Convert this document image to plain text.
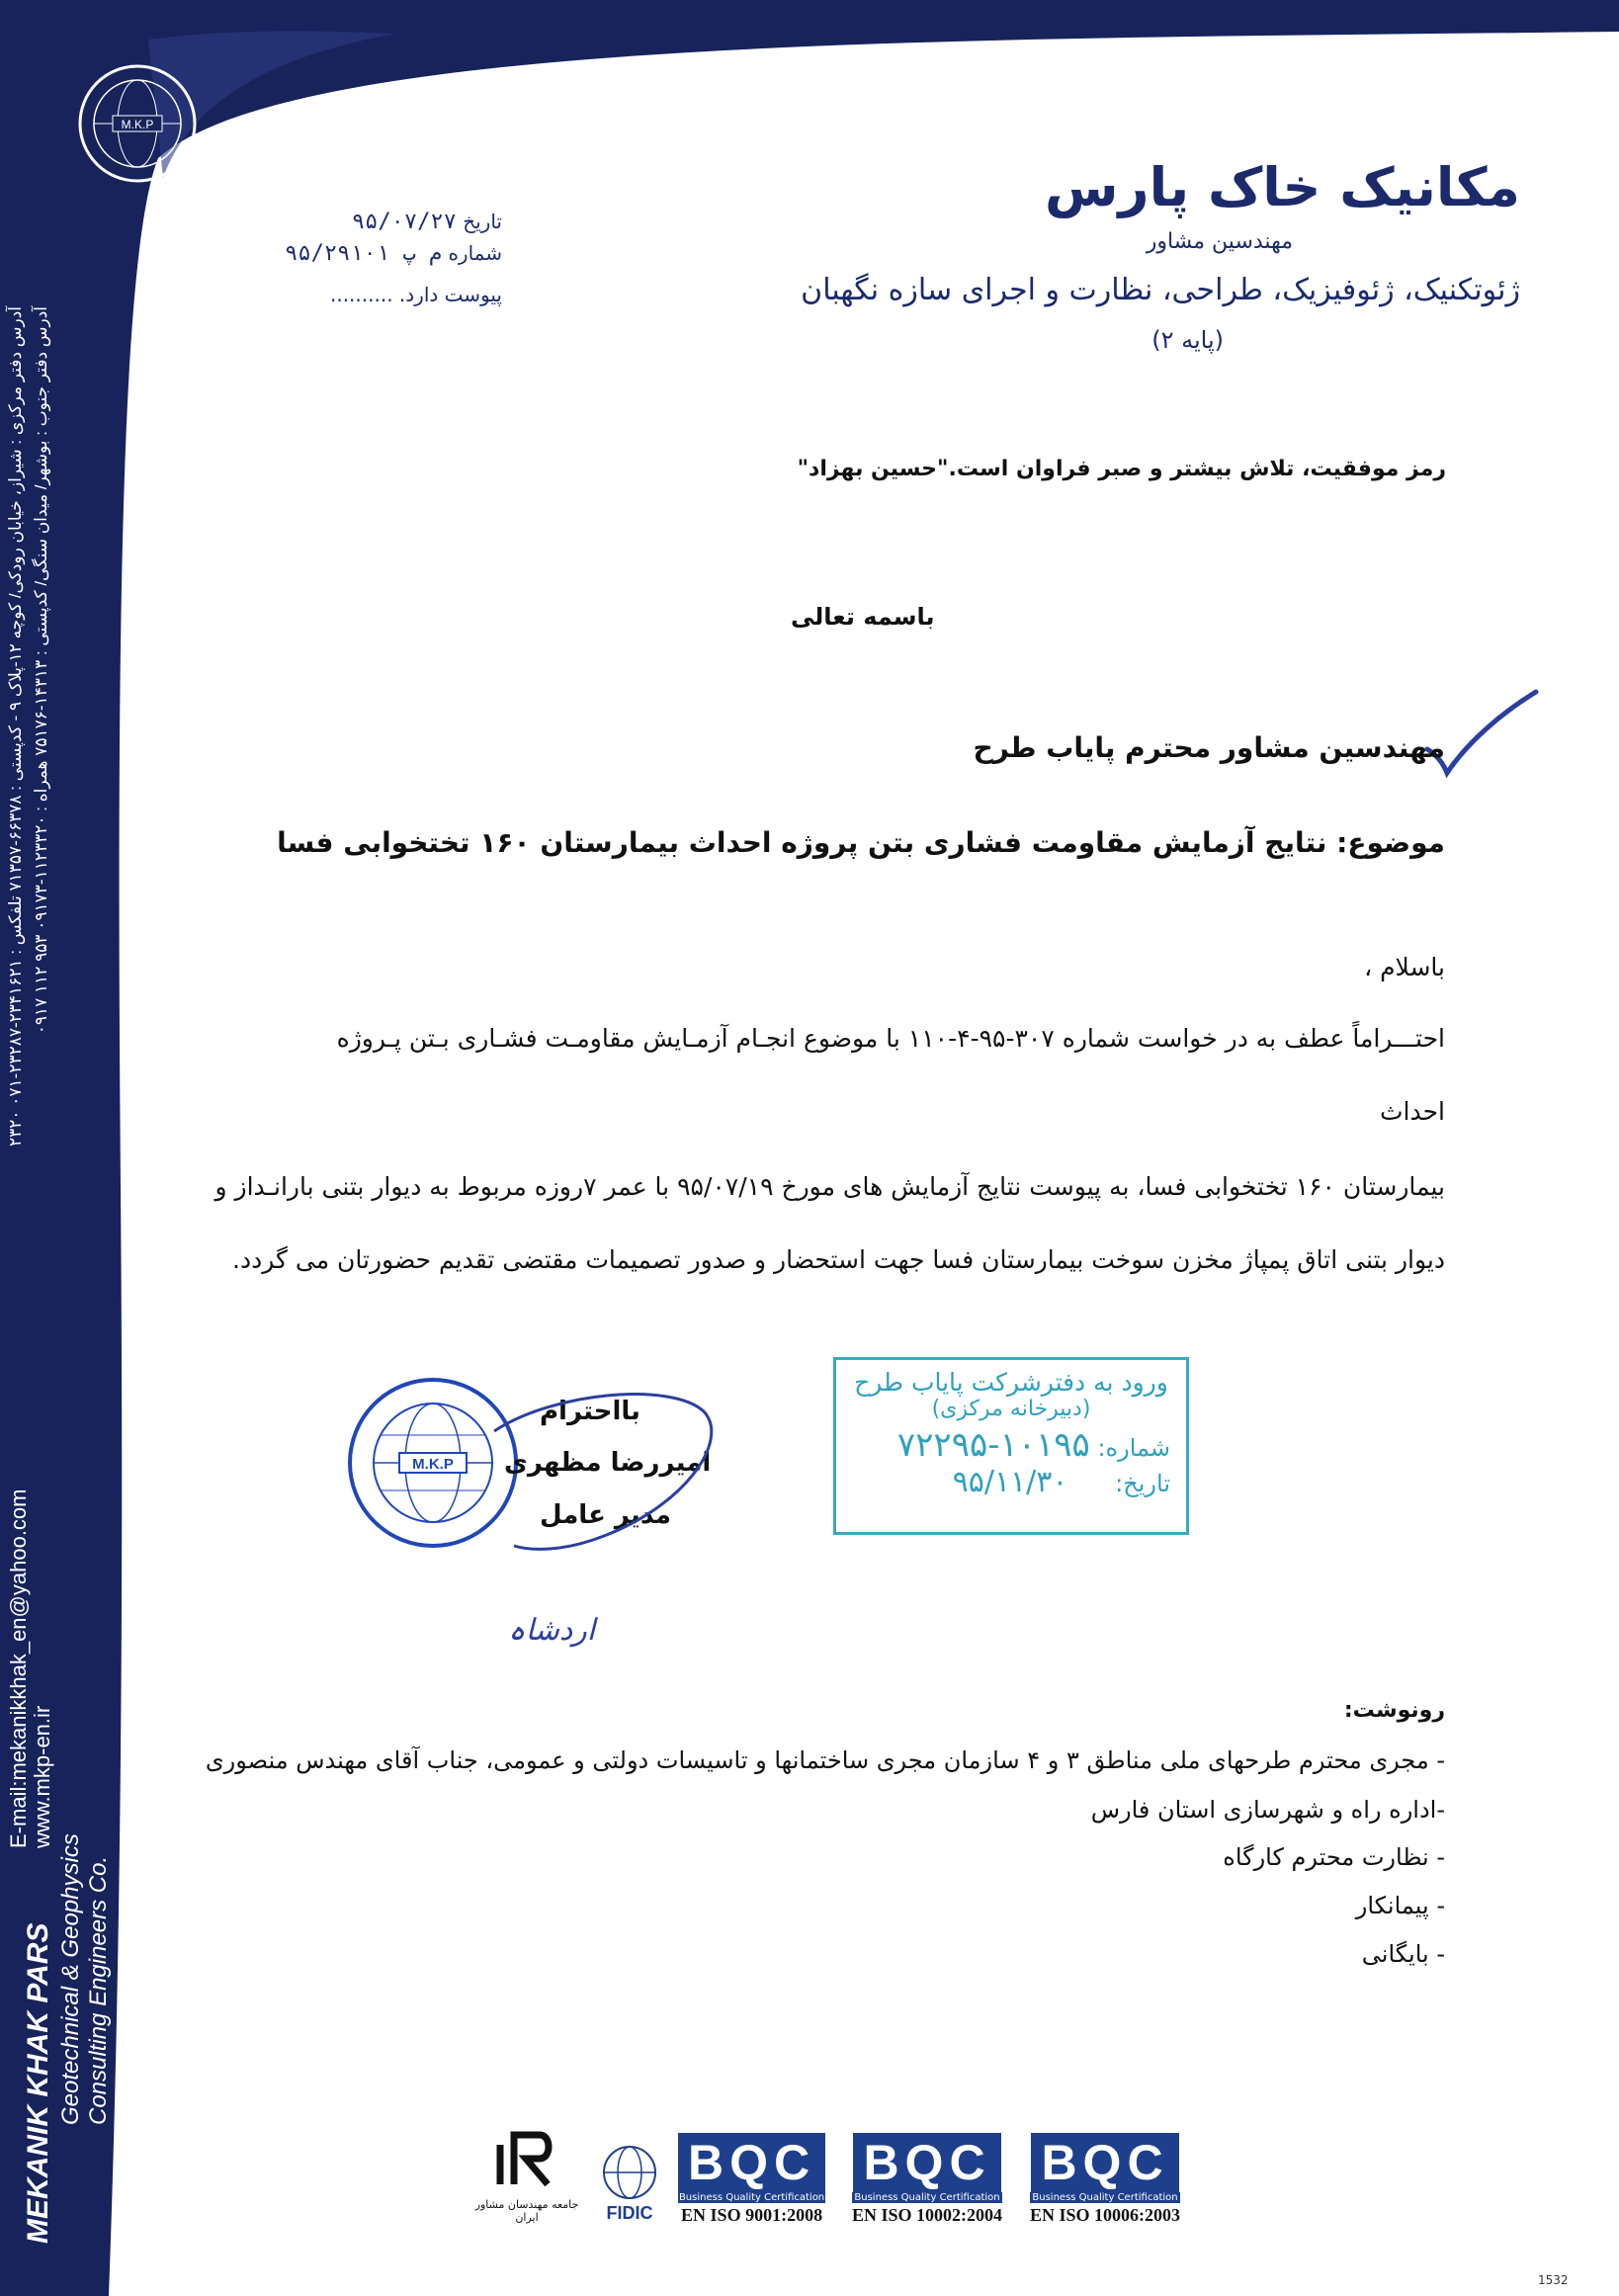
M.K.P
MEKANIK KHAK PARS Geotechnical & Geophysics Consulting Engineers Co.
E-mail:mekanikkhak_en@yahoo.com www.mkp-en.ir
آدرس دفتر مرکزی : شیراز، خیابان رودکی/ کوچه ۱۲-پلاک ۹ - کدپستی : ۶۶۳۷۸-۷۱۳۵۷ تلفکس : ۲۳۴۱۶۲۱-۲۳۲۸۷-۰۷۱ ۲۳۲۰
آدرس دفتر جنوب : بوشهر/ میدان سنگی/ کدپستی : ۱۴۳۱۳-۷۵۱۷۶ همراه : ۱۱۲۳۳۲۰-۰۹۱۷۳ ۹۵۳ ۱۱۲ ۰۹۱۷
مکانیک خاک پارس
مهندسین مشاور
ژئوتکنیک، ژئوفیزیک، طراحی، نظارت و اجرای سازه نگهبان
(پایه ۲)
تاریخ ۹۵/۰۷/۲۷
شماره م پ ۹۵/۲۹۱۰۱
پیوست دارد. ..........
رمز موفقیت، تلاش بیشتر و صبر فراوان است."حسین بهزاد"
باسمه تعالی
مهندسین مشاور محترم پایاب طرح
موضوع: نتایج آزمایش مقاومت فشاری بتن پروژه احداث بیمارستان ۱۶۰ تختخوابی فسا
باسلام ،
احتـــراماً عطف به در خواست شماره ۳۰۷-۹۵-۴-۱۱۰ با موضوع انجـام آزمـایش مقاومـت فشـاری بـتن پـروژه
احداث
بیمارستان ۱۶۰ تختخوابی فسا، به پیوست نتایج آزمایش های مورخ ۹۵/۰۷/۱۹ با عمر ۷روزه مربوط به دیوار بتنی بارانـداز و
دیوار بتنی اتاق پمپاژ مخزن سوخت بیمارستان فسا جهت استحضار و صدور تصمیمات مقتضی تقدیم حضورتان می گردد.
M.K.P
بااحترام
امیررضا مظهری
مدیر عامل
اردشاہ
ورود به دفترشرکت پایاب طرح
(دبیرخانه مرکزی)
شماره: ۱۰۱۹۵-۷۲۲۹۵
تاریخ: ۹۵/۱۱/۳۰
رونوشت:
- مجری محترم طرحهای ملی مناطق ۳ و ۴ سازمان مجری ساختمانها و تاسیسات دولتی و عمومی، جناب آقای مهندس منصوری
-اداره راه و شهرسازی استان فارس
- نظارت محترم کارگاه
- پیمانکار
- بایگانی
جامعه مهندسان مشاور ایران	FIDIC
BQC
Business Quality Certification
EN ISO 9001:2008
BQC
Business Quality Certification
EN ISO 10002:2004
BQC
Business Quality Certification
EN ISO 10006:2003
1532
